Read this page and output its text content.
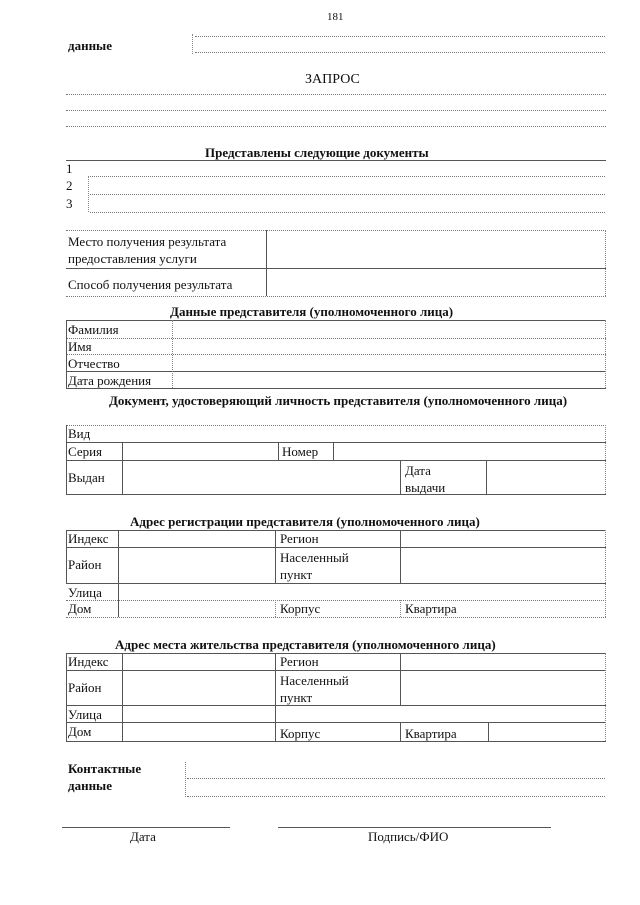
181
данные
ЗАПРОС
Представлены следующие документы
1
2
3
Место получения результата предоставления услуги
Способ получения результата
Данные представителя (уполномоченного лица)
Фамилия
Имя
Отчество
Дата рождения
Документ, удостоверяющий личность представителя (уполномоченного лица)
Вид
Серия	Номер
Выдан	Дата выдачи
Адрес регистрации представителя (уполномоченного лица)
Индекс	Регион
Район	Населенный пункт
Улица
Дом	Корпус	Квартира
Адрес места жительства представителя (уполномоченного лица)
Индекс	Регион
Район	Населенный пункт
Улица
Дом	Корпус	Квартира
Контактные данные
Дата	Подпись/ФИО
